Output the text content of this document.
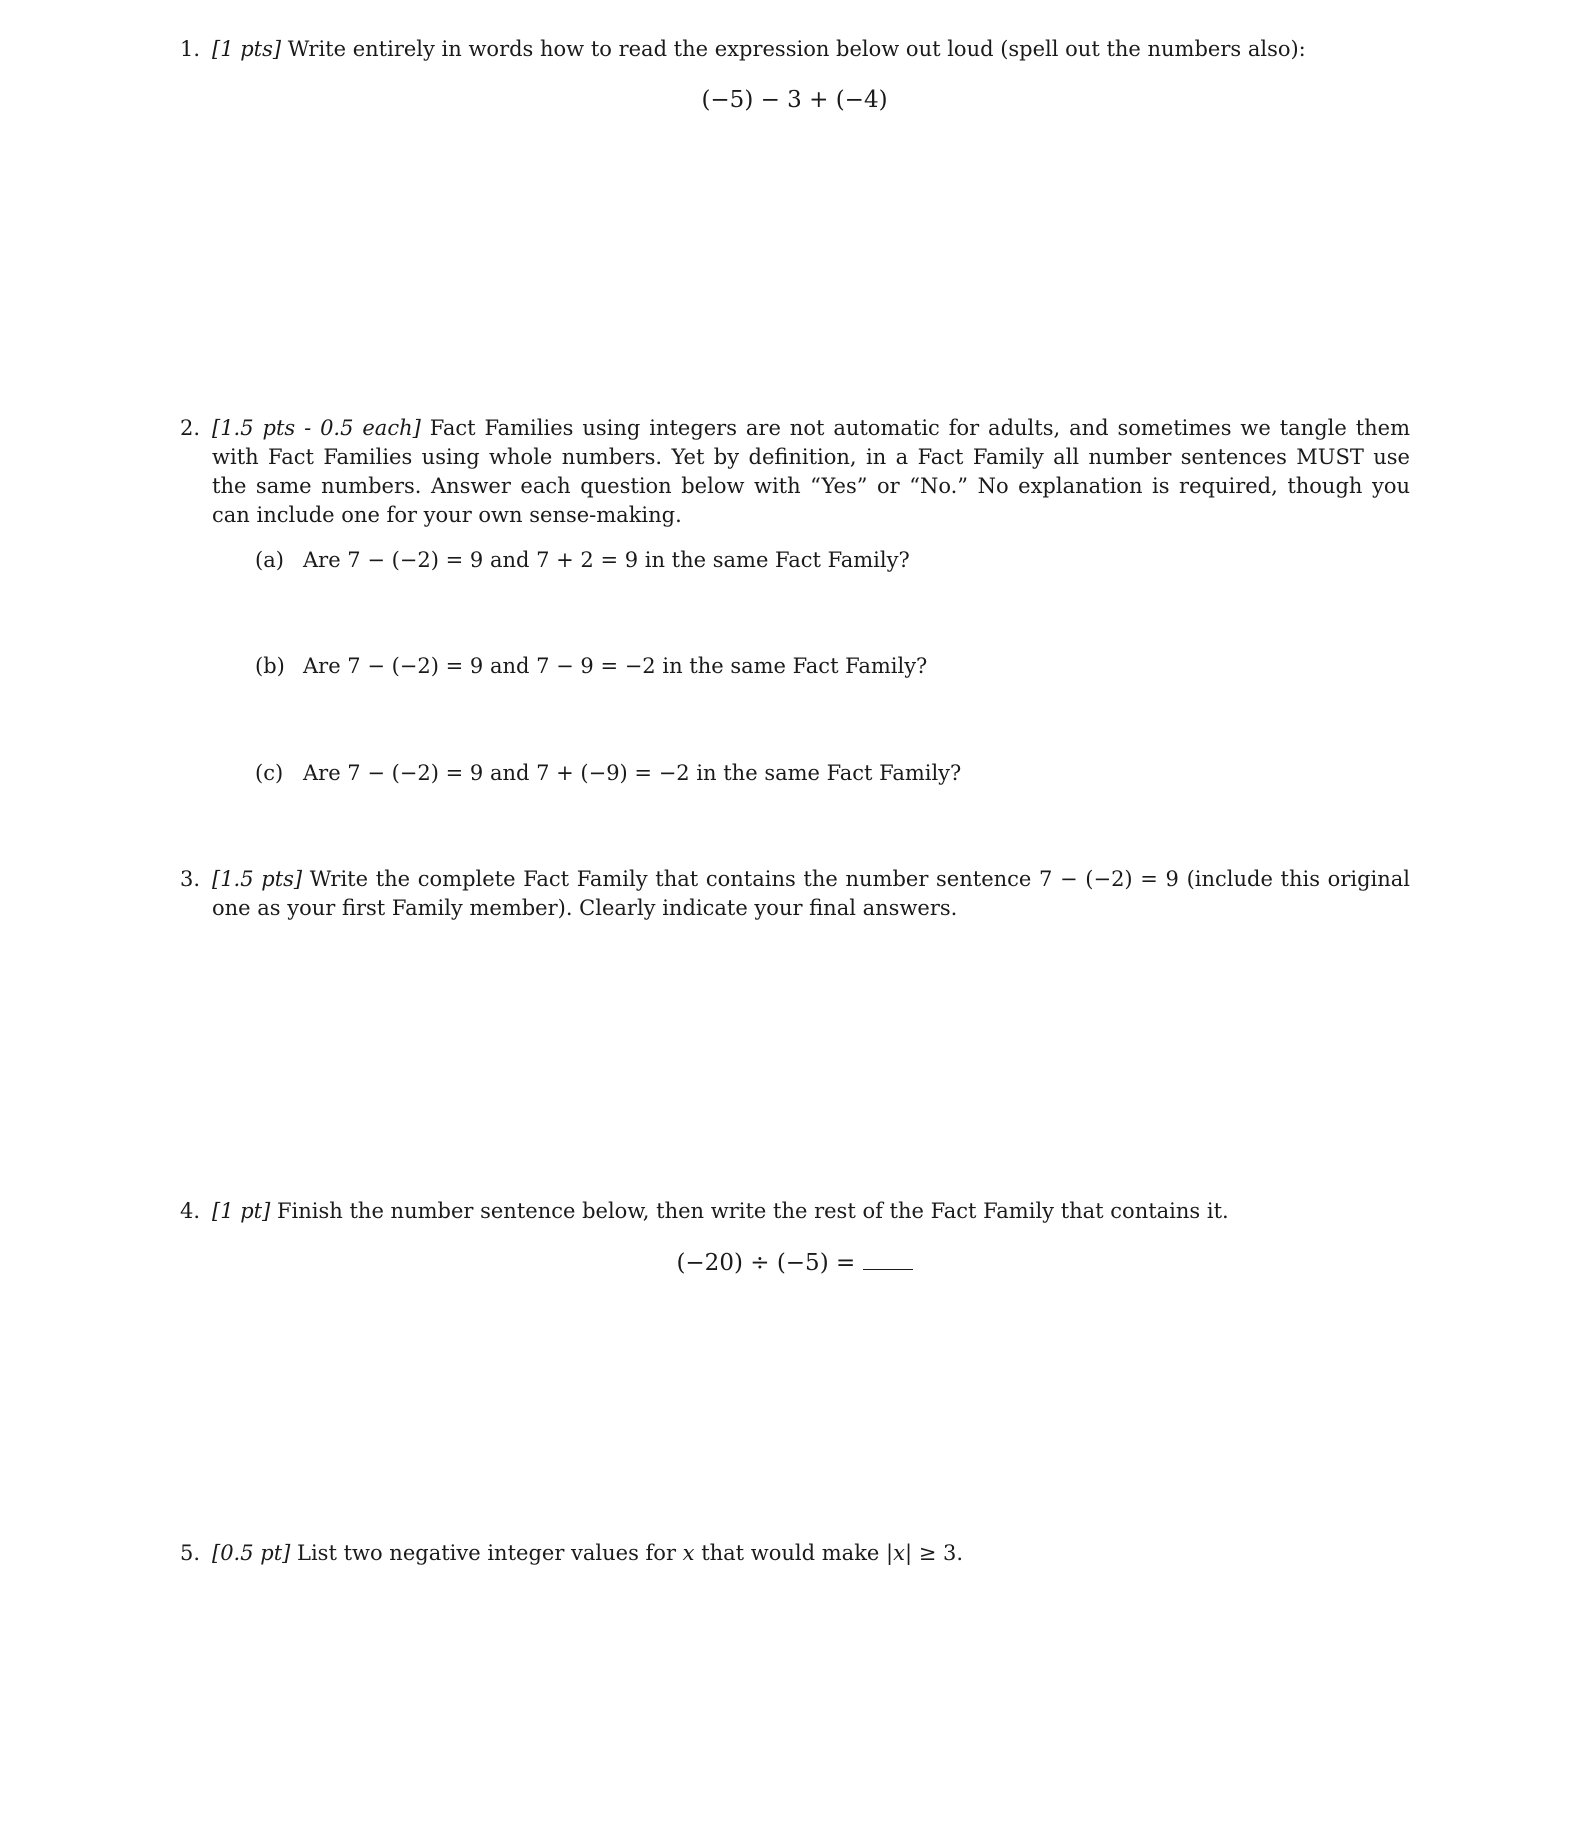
1. [1 pts] Write entirely in words how to read the expression below out loud (spell out the numbers also):
(−5) − 3 + (−4)
2. [1.5 pts - 0.5 each] Fact Families using integers are not automatic for adults, and sometimes we tangle them
with Fact Families using whole numbers. Yet by definition, in a Fact Family all number sentences MUST use
the same numbers. Answer each question below with “Yes” or “No.” No explanation is required, though you
can include one for your own sense-making.
(a) Are 7 − (−2) = 9 and 7 + 2 = 9 in the same Fact Family?
(b) Are 7 − (−2) = 9 and 7 − 9 = −2 in the same Fact Family?
(c) Are 7 − (−2) = 9 and 7 + (−9) = −2 in the same Fact Family?
3. [1.5 pts] Write the complete Fact Family that contains the number sentence 7 − (−2) = 9 (include this original
one as your first Family member). Clearly indicate your final answers.
4. [1 pt] Finish the number sentence below, then write the rest of the Fact Family that contains it.
(−20) ÷ (−5) =
5. [0.5 pt] List two negative integer values for x that would make |x| ≥ 3.
